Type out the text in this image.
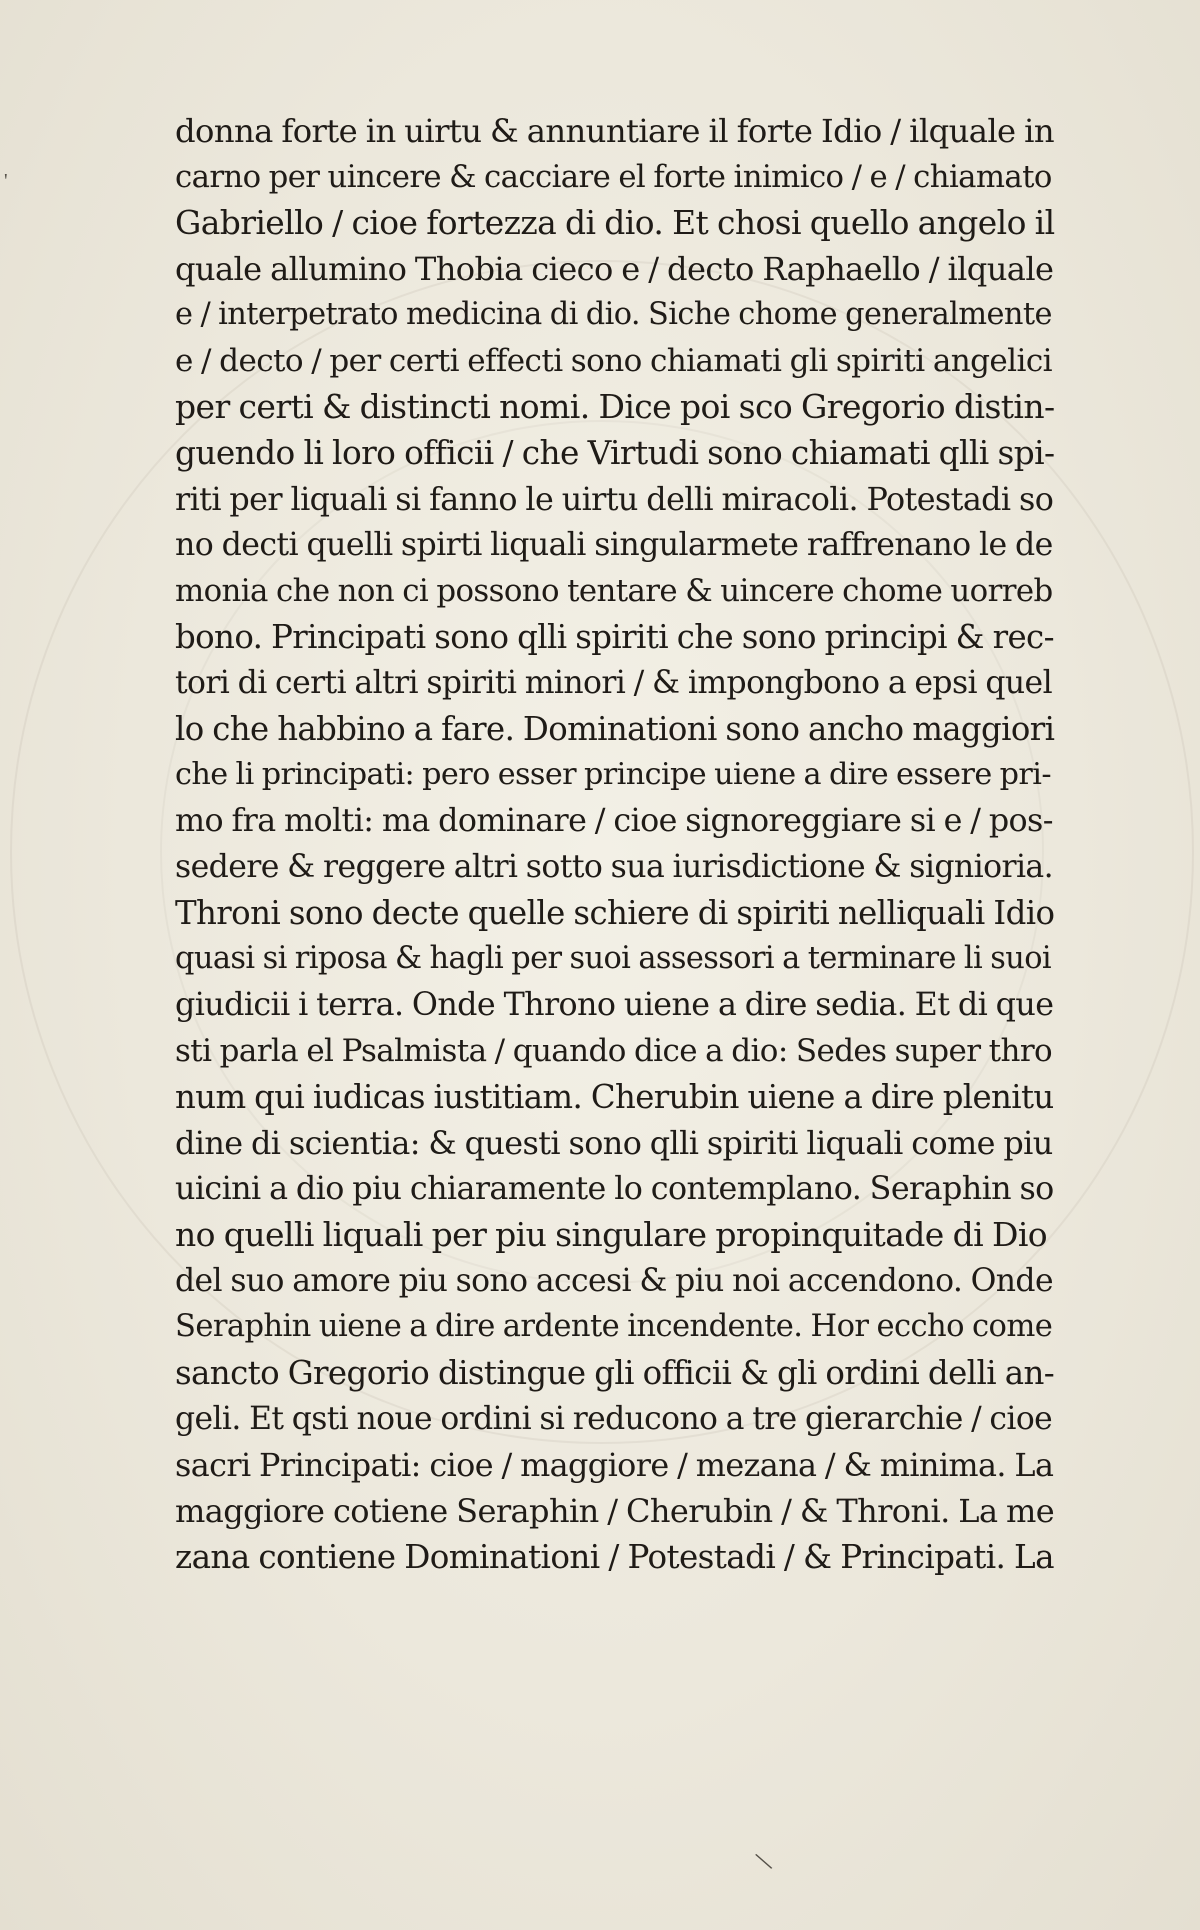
'
donna forte in uirtu & annuntiare il forte Idio / ilquale in
carno per uincere & cacciare el forte inimico / e / chiamato
Gabriello / cioe fortezza di dio. Et chosi quello angelo il
quale allumino Thobia cieco e / decto Raphaello / ilquale
e / interpetrato medicina di dio. Siche chome generalmente
e / decto / per certi effecti sono chiamati gli spiriti angelici
per certi & distincti nomi. Dice poi sco Gregorio distin-
guendo li loro officii / che Virtudi sono chiamati qlli spi-
riti per liquali si fanno le uirtu delli miracoli. Potestadi so
no decti quelli spirti liquali singularmete raffrenano le de
monia che non ci possono tentare & uincere chome uorreb
bono. Principati sono qlli spiriti che sono principi & rec-
tori di certi altri spiriti minori / & impongbono a epsi quel
lo che habbino a fare. Dominationi sono ancho maggiori
che li principati: pero esser principe uiene a dire essere pri-
mo fra molti: ma dominare / cioe signoreggiare si e / pos-
sedere & reggere altri sotto sua iurisdictione & signioria.
Throni sono decte quelle schiere di spiriti nelliquali Idio
quasi si riposa & hagli per suoi assessori a terminare li suoi
giudicii i terra. Onde Throno uiene a dire sedia. Et di que
sti parla el Psalmista / quando dice a dio: Sedes super thro
num qui iudicas iustitiam. Cherubin uiene a dire plenitu
dine di scientia: & questi sono qlli spiriti liquali come piu
uicini a dio piu chiaramente lo contemplano. Seraphin so
no quelli liquali per piu singulare propinquitade di Dio
del suo amore piu sono accesi & piu noi accendono. Onde
Seraphin uiene a dire ardente incendente. Hor eccho come
sancto Gregorio distingue gli officii & gli ordini delli an-
geli. Et qsti noue ordini si reducono a tre gierarchie / cioe
sacri Principati: cioe / maggiore / mezana / & minima. La
maggiore cotiene Seraphin / Cherubin / & Throni. La me
zana contiene Dominationi / Potestadi / & Principati. La
\
